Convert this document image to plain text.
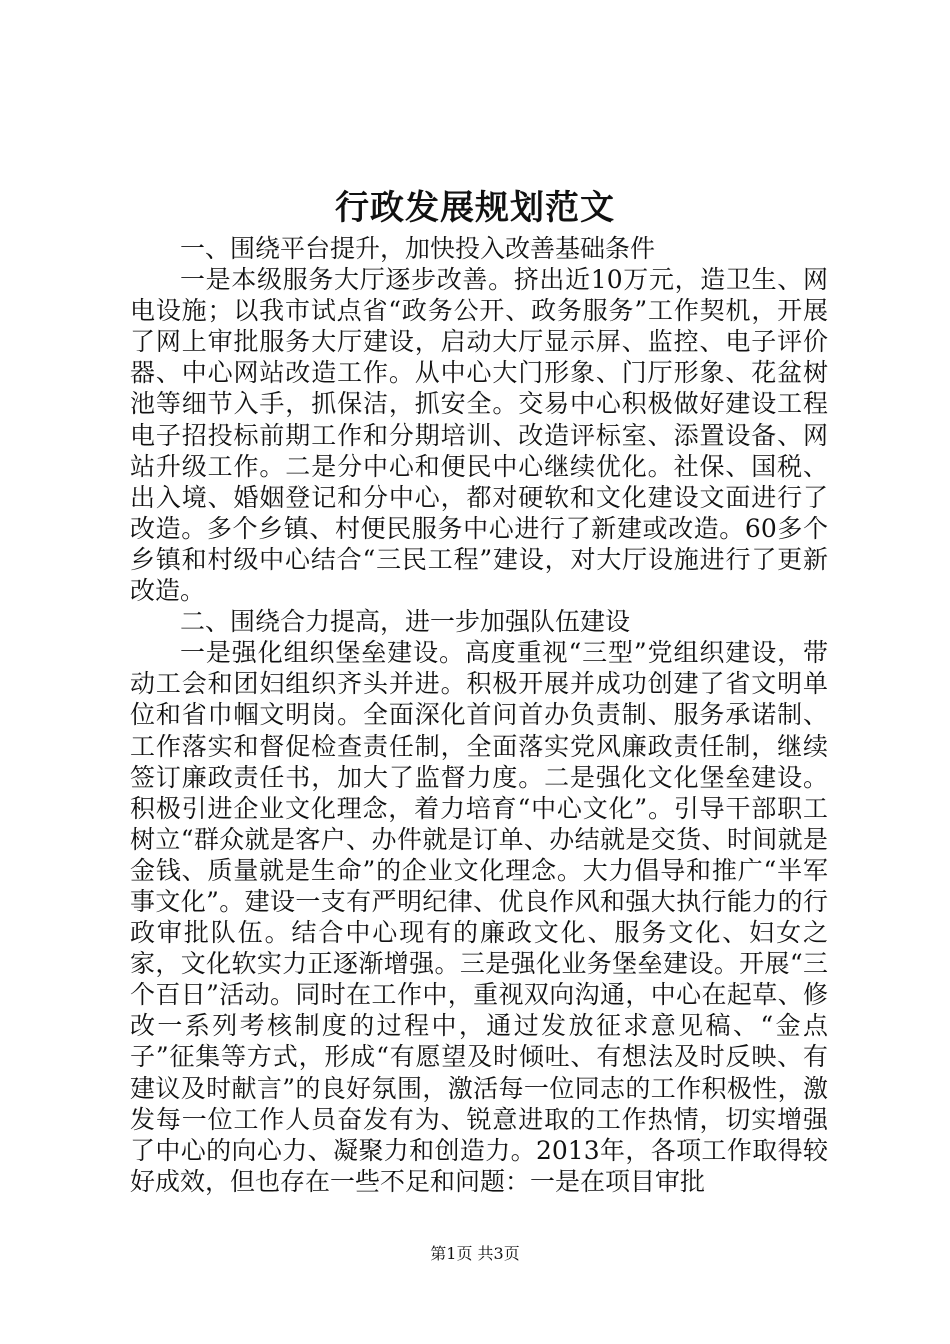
行政发展规划范文

一、围绕平台提升，加快投入改善基础条件

一是本级服务大厅逐步改善。挤出近10万元，造卫生、网电设施；以我市试点省“政务公开、政务服务”工作契机，开展了网上审批服务大厅建设，启动大厅显示屏、监控、电子评价器、中心网站改造工作。从中心大门形象、门厅形象、花盆树池等细节入手，抓保洁，抓安全。交易中心积极做好建设工程电子招投标前期工作和分期培训、改造评标室、添置设备、网站升级工作。二是分中心和便民中心继续优化。社保、国税、出入境、婚姻登记和分中心，都对硬软和文化建设文面进行了改造。多个乡镇、村便民服务中心进行了新建或改造。60多个乡镇和村级中心结合“三民工程”建设，对大厅设施进行了更新改造。

二、围绕合力提高，进一步加强队伍建设

一是强化组织堡垒建设。高度重视“三型”党组织建设，带动工会和团妇组织齐头并进。积极开展并成功创建了省文明单位和省巾帼文明岗。全面深化首问首办负责制、服务承诺制、工作落实和督促检查责任制，全面落实党风廉政责任制，继续签订廉政责任书，加大了监督力度。二是强化文化堡垒建设。积极引进企业文化理念，着力培育“中心文化”。引导干部职工树立“群众就是客户、办件就是订单、办结就是交货、时间就是金钱、质量就是生命”的企业文化理念。大力倡导和推广“半军事文化”。建设一支有严明纪律、优良作风和强大执行能力的行政审批队伍。结合中心现有的廉政文化、服务文化、妇女之家，文化软实力正逐渐增强。三是强化业务堡垒建设。开展“三个百日”活动。同时在工作中，重视双向沟通，中心在起草、修改一系列考核制度的过程中，通过发放征求意见稿、“金点子”征集等方式，形成“有愿望及时倾吐、有想法及时反映、有建议及时献言”的良好氛围，激活每一位同志的工作积极性，激发每一位工作人员奋发有为、锐意进取的工作热情，切实增强了中心的向心力、凝聚力和创造力。2013年，各项工作取得较好成效，但也存在一些不足和问题：一是在项目审批

第1页 共3页
